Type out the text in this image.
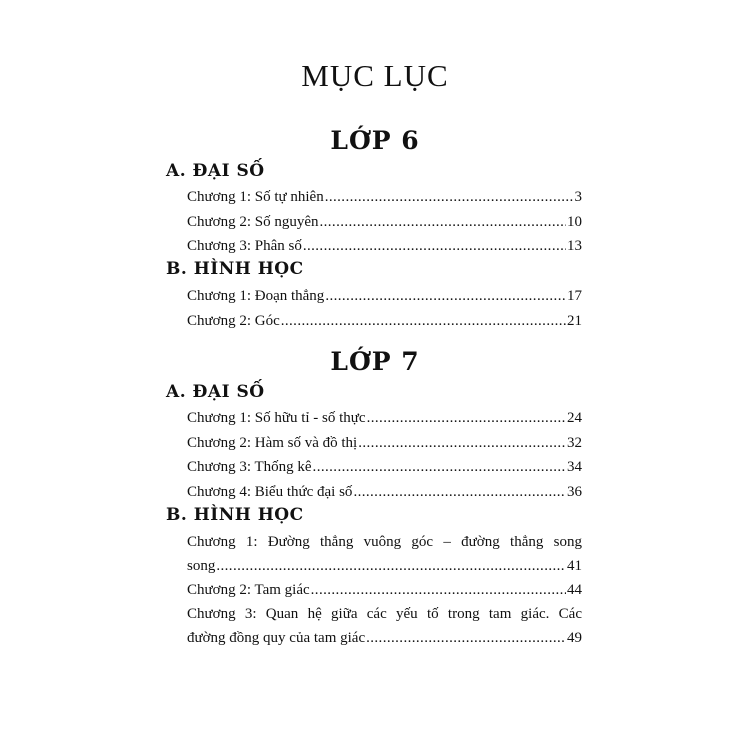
MỤC LỤC
LỚP 6
A. ĐẠI SỐ
Chương 1: Số tự nhiên .....	3
Chương 2: Số nguyên .....	10
Chương 3: Phân số .....	13
B. HÌNH HỌC
Chương 1: Đoạn thẳng .....	17
Chương 2: Góc .....	21
LỚP 7
A. ĐẠI SỐ
Chương 1: Số hữu tỉ - số thực .....	24
Chương 2: Hàm số và đồ thị .....	32
Chương 3: Thống kê .....	34
Chương 4: Biểu thức đại số .....	36
B. HÌNH HỌC
Chương 1: Đường thẳng vuông góc – đường thẳng song
song .....	41
Chương 2: Tam giác .....	44
Chương 3: Quan hệ giữa các yếu tố trong tam giác. Các
đường đồng quy của tam giác .....	49
